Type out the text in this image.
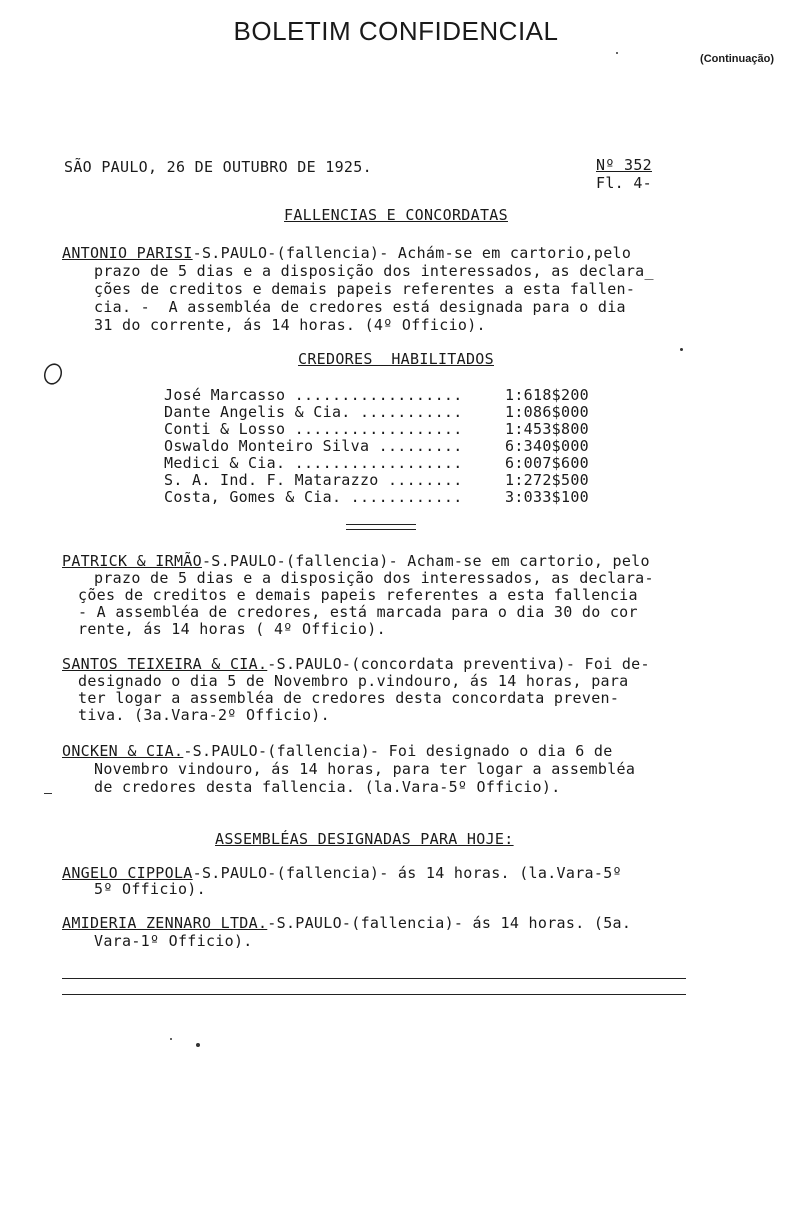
BOLETIM CONFIDENCIAL
(Continuação)
SÃO PAULO, 26 DE OUTUBRO DE 1925.	Nº 352
Fl. 4-
FALLENCIAS E CONCORDATAS
ANTONIO PARISI-S.PAULO-(fallencia)- Achám-se em cartorio,pelo
prazo de 5 dias e a disposição dos interessados, as declara_
ções de creditos e demais papeis referentes a esta fallen-
cia. -  A assembléa de credores está designada para o dia
31 do corrente, ás 14 horas. (4º Officio).
CREDORES  HABILITADOS
José Marcasso ..................	1:618$200
Dante Angelis & Cia. ...........	1:086$000
Conti & Losso ..................	1:453$800
Oswaldo Monteiro Silva .........	6:340$000
Medici & Cia. ..................	6:007$600
S. A. Ind. F. Matarazzo ........	1:272$500
Costa, Gomes & Cia. ............	3:033$100
PATRICK & IRMÃO-S.PAULO-(fallencia)- Acham-se em cartorio, pelo
prazo de 5 dias e a disposição dos interessados, as declara-
ções de creditos e demais papeis referentes a esta fallencia
- A assembléa de credores, está marcada para o dia 30 do cor
rente, ás 14 horas ( 4º Officio).
SANTOS TEIXEIRA & CIA.-S.PAULO-(concordata preventiva)- Foi de-
designado o dia 5 de Novembro p.vindouro, ás 14 horas, para
ter logar a assembléa de credores desta concordata preven-
tiva. (3a.Vara-2º Officio).
ONCKEN & CIA.-S.PAULO-(fallencia)- Foi designado o dia 6 de
Novembro vindouro, ás 14 horas, para ter logar a assembléa
de credores desta fallencia. (la.Vara-5º Officio).
ASSEMBLÉAS DESIGNADAS PARA HOJE:
ANGELO CIPPOLA-S.PAULO-(fallencia)- ás 14 horas. (la.Vara-5º
5º Officio).
AMIDERIA ZENNARO LTDA.-S.PAULO-(fallencia)- ás 14 horas. (5a.
Vara-1º Officio).
